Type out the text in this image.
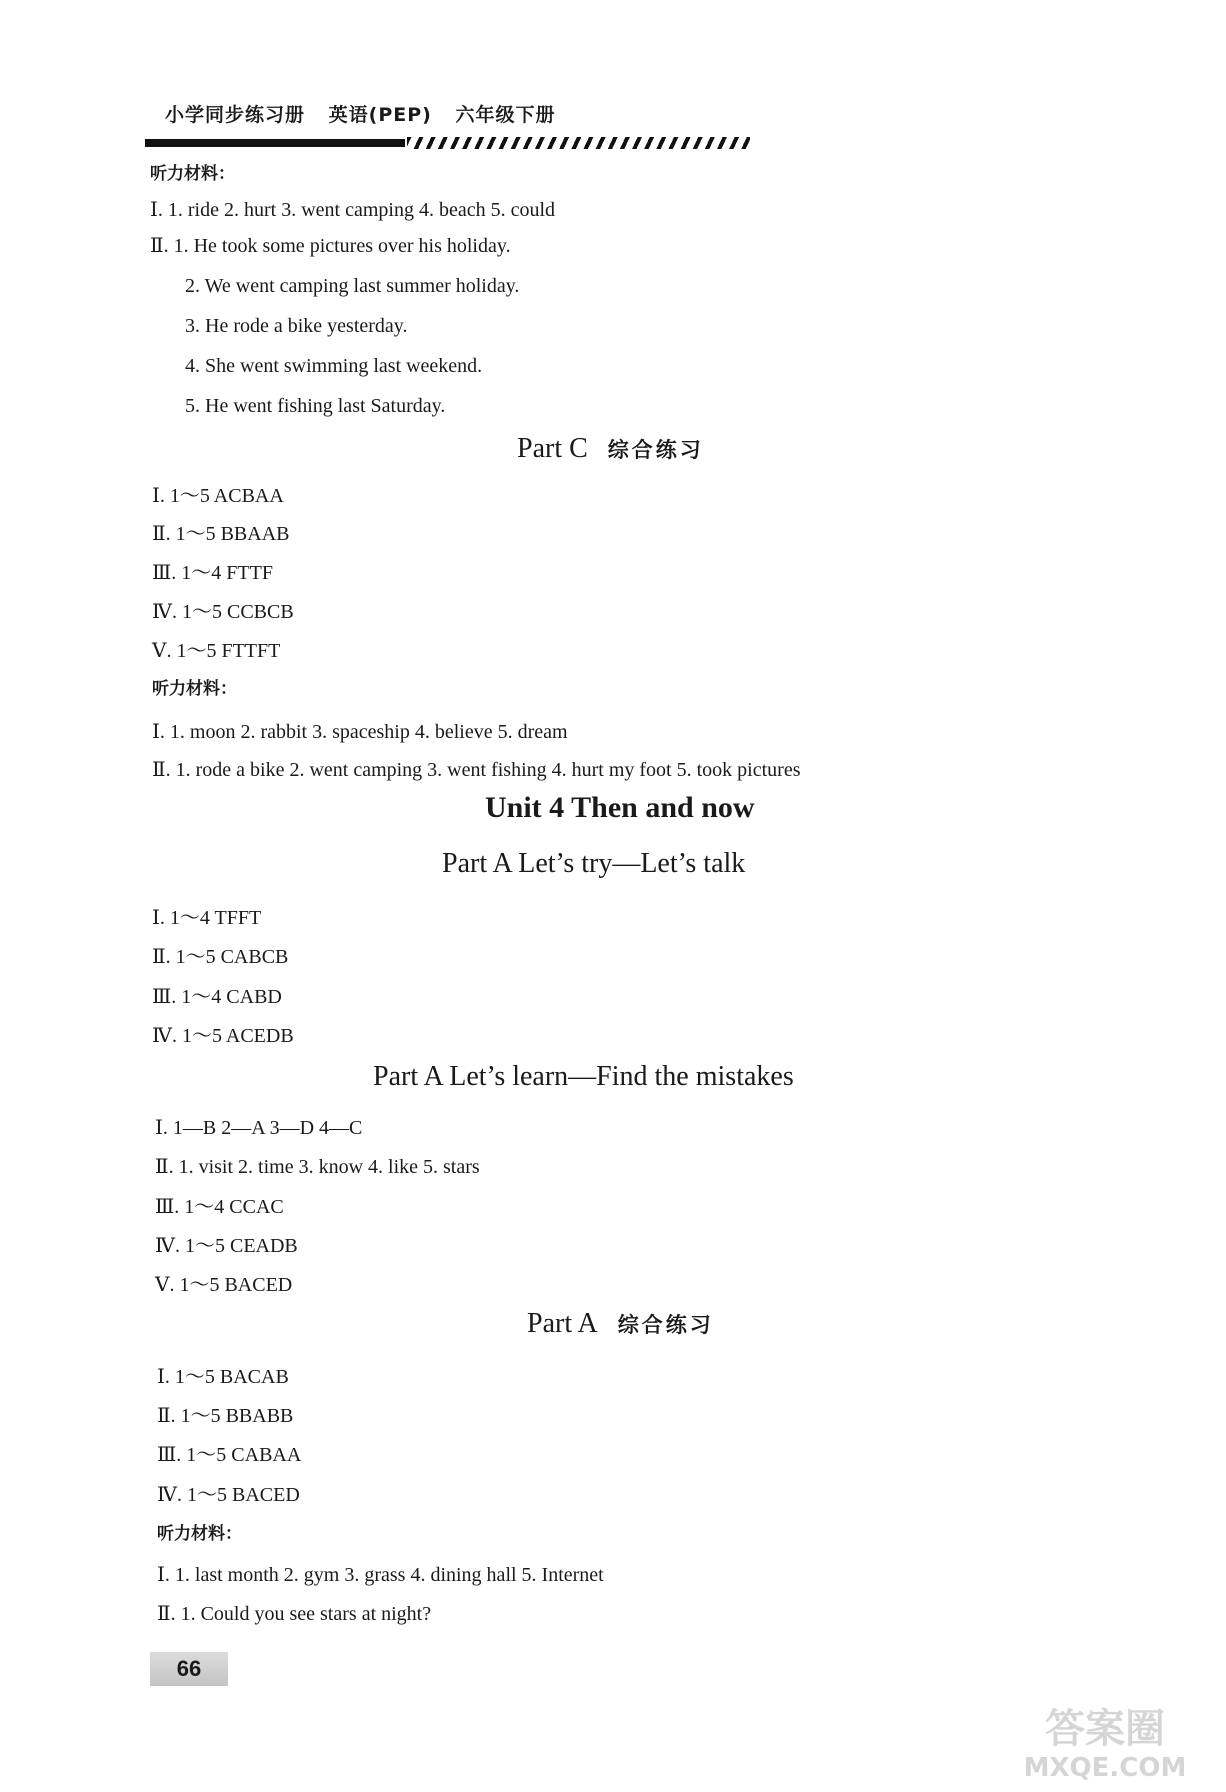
小学同步练习册 英语(PEP) 六年级下册
听力材料：
Ⅰ. 1. ride 2. hurt 3. went camping 4. beach 5. could
Ⅱ. 1. He took some pictures over his holiday.
2. We went camping last summer holiday.
3. He rode a bike yesterday.
4. She went swimming last weekend.
5. He went fishing last Saturday.
Part C 综合练习
Ⅰ. 1～5 ACBAA
Ⅱ. 1～5 BBAAB
Ⅲ. 1～4 FTTF
Ⅳ. 1～5 CCBCB
Ⅴ. 1～5 FTTFT
听力材料：
Ⅰ. 1. moon 2. rabbit 3. spaceship 4. believe 5. dream
Ⅱ. 1. rode a bike 2. went camping 3. went fishing 4. hurt my foot 5. took pictures
Unit 4 Then and now
Part A Let’s try—Let’s talk
Ⅰ. 1～4 TFFT
Ⅱ. 1～5 CABCB
Ⅲ. 1～4 CABD
Ⅳ. 1～5 ACEDB
Part A Let’s learn—Find the mistakes
Ⅰ. 1—B 2—A 3—D 4—C
Ⅱ. 1. visit 2. time 3. know 4. like 5. stars
Ⅲ. 1～4 CCAC
Ⅳ. 1～5 CEADB
Ⅴ. 1～5 BACED
Part A 综合练习
Ⅰ. 1～5 BACAB
Ⅱ. 1～5 BBABB
Ⅲ. 1～5 CABAA
Ⅳ. 1～5 BACED
听力材料：
Ⅰ. 1. last month 2. gym 3. grass 4. dining hall 5. Internet
Ⅱ. 1. Could you see stars at night?
66
答案圈
MXQE.COM
